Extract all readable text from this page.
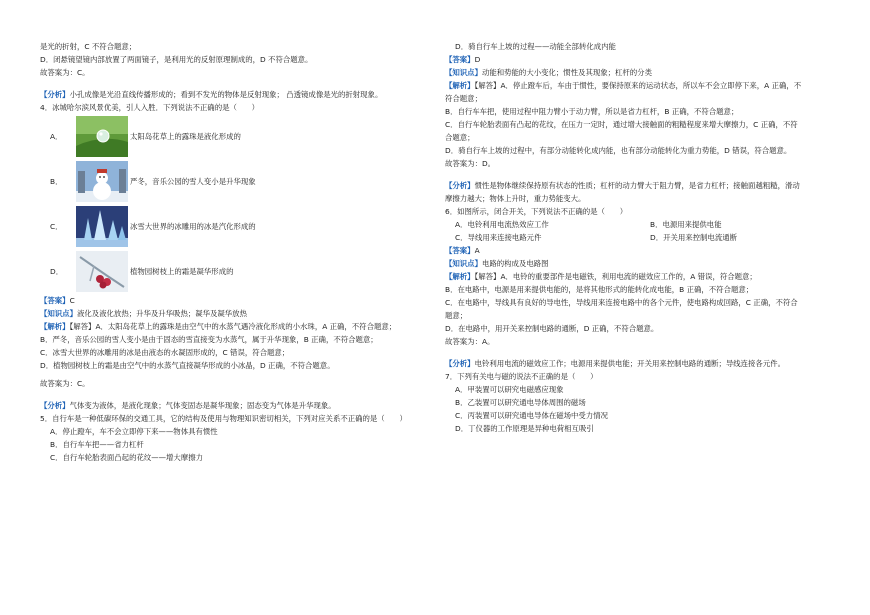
是光的折射，C 不符合题意；
D．闭悬镜望镜内部放置了两面镜子，是利用光的反射原理制成的，D 不符合题意。
故答案为：C。
【分析】小孔成像是光沿直线传播形成的；看到不发光的物体是反射现象； 凸透镜成像是光的折射现象。
4．冰城哈尔滨风景优美，引人入胜．下列说法不正确的是（　　）
A．	太阳岛花草上的露珠是液化形成的
B．	严冬，音乐公园的雪人变小是升华现象
C．	冰雪大世界的冰雕用的冰是汽化形成的
D．	植物园树枝上的霜是凝华形成的
【答案】C
【知识点】液化及液化放热；升华及升华吸热；凝华及凝华放热
【解析】【解答】A．太阳岛花草上的露珠是由空气中的水蒸气遇冷液化形成的小水珠，A 正确，不符合题意；
B．严冬，音乐公园的雪人变小是由于固态的雪直接变为水蒸气，属于升华现象，B 正确，不符合题意；
C．冰雪大世界的冰雕用的冰是由液态的水凝固形成的，C 错误，符合题意；
D．植物园树枝上的霜是由空气中的水蒸气直接凝华形成的小冰晶，D 正确，不符合题意。
故答案为：C。
【分析】气体变为液体，是液化现象；气体变固态是凝华现象；固态变为气体是升华现象。
5．自行车是一种低碳环保的交通工具，它的结构及使用与物理知识密切相关，下列对应关系不正确的是（　　）
A．停止蹬车，车不会立即停下来——物体具有惯性
B．自行车车把——省力杠杆
C．自行车轮胎表面凸起的花纹——增大摩擦力
D．骑自行车上坡的过程——动能全部转化成内能
【答案】D
【知识点】动能和势能的大小变化；惯性及其现象；杠杆的分类
【解析】【解答】A．停止蹬车后，车由于惯性，要保持原来的运动状态，所以车不会立即停下来，A 正确，不
符合题意；
B．自行车车把，使用过程中阻力臂小于动力臂，所以是省力杠杆，B 正确，不符合题意；
C．自行车轮胎表面有凸起的花纹，在压力一定时，通过增大接触面的粗糙程度来增大摩擦力，C 正确，不符
合题意；
D．骑自行车上坡的过程中，有部分动能转化成内能，也有部分动能转化为重力势能，D 错误，符合题意。
故答案为：D。
【分析】惯性是物体继续保持原有状态的性质；杠杆的动力臂大于阻力臂，是省力杠杆；接触面越粗糙，滑动
摩擦力越大；物体上升时，重力势能变大。
6．如图所示，闭合开关，下列说法不正确的是（　　）
A．电铃利用电流热效应工作	B．电源用来提供电能
C．导线用来连接电路元件	D．开关用来控制电流通断
【答案】A
【知识点】电路的构成及电路图
【解析】【解答】A．电铃的重要部件是电磁铁，利用电流的磁效应工作的，A 错误，符合题意；
B．在电路中，电源是用来提供电能的，是将其他形式的能转化成电能，B 正确，不符合题意；
C．在电路中，导线具有良好的导电性，导线用来连接电路中的各个元件，使电路构成回路，C 正确，不符合
题意；
D．在电路中，用开关来控制电路的通断，D 正确，不符合题意。
故答案为：A。
【分析】电铃利用电流的磁效应工作；电源用来提供电能；开关用来控制电路的通断；导线连接各元件。
7．下列有关电与磁的说法不正确的是（　　）
A．甲装置可以研究电磁感应现象
B．乙装置可以研究通电导体周围的磁场
C．丙装置可以研究通电导体在磁场中受力情况
D．丁仪器的工作原理是异种电荷相互吸引
